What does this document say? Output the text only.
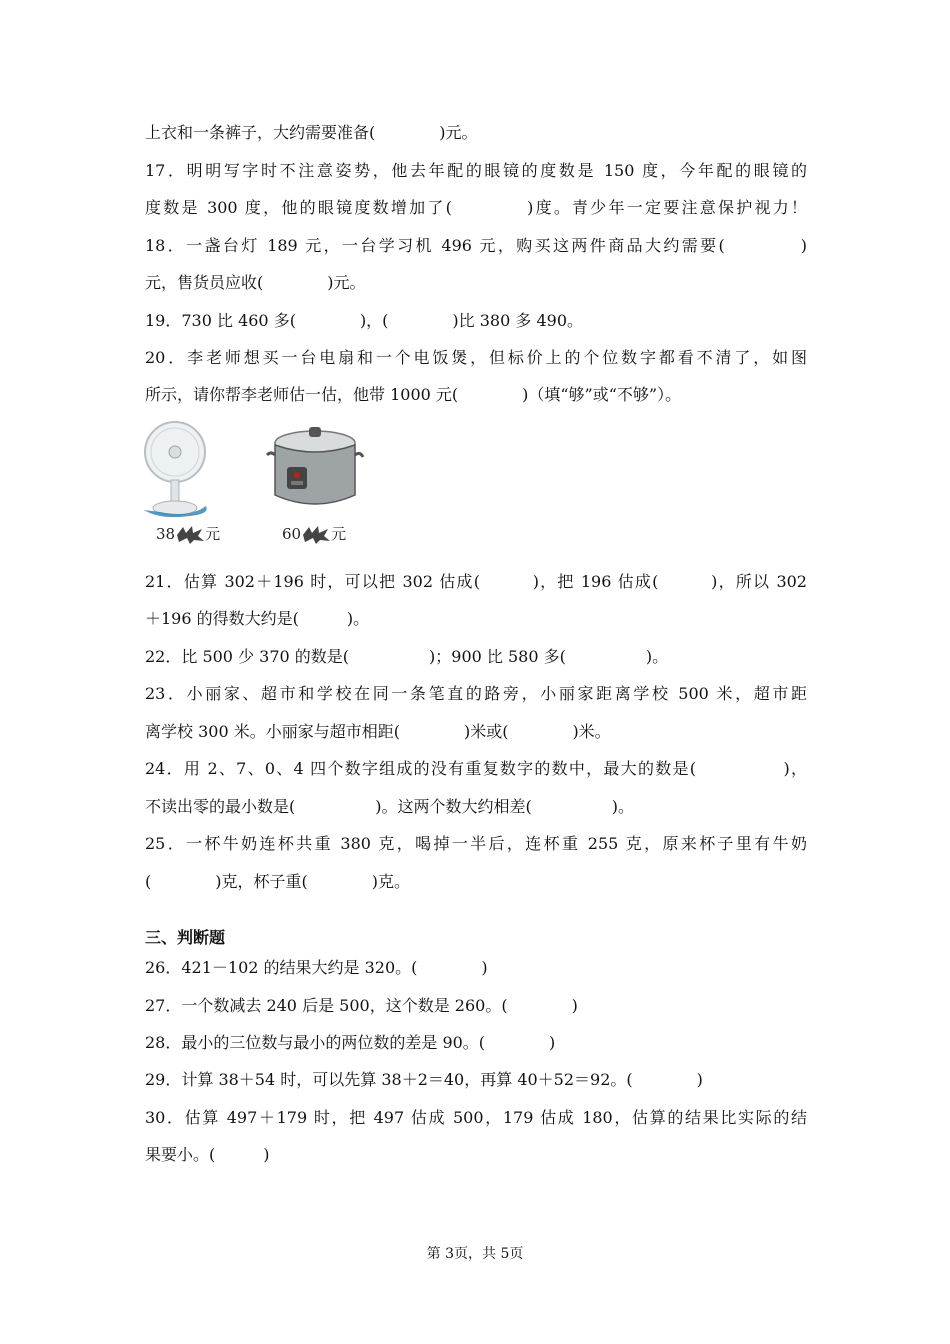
上衣和一条裤子，大约需要准备(　　　　)元。

17．明明写字时不注意姿势，他去年配的眼镜的度数是 150 度，今年配的眼镜的

度数是 300 度，他的眼镜度数增加了(　　　　)度。青少年一定要注意保护视力！

18．一盏台灯 189 元，一台学习机 496 元，购买这两件商品大约需要(　　　　)

元，售货员应收(　　　　)元。

19．730 比 460 多(　　　　)，(　　　　)比 380 多 490。

20．李老师想买一台电扇和一个电饭煲，但标价上的个位数字都看不清了，如图

所示，请你帮李老师估一估，他带 1000 元(　　　　)（填“够”或“不够”）。

38 元	60 元

21．估算 302＋196 时，可以把 302 估成(　　　)，把 196 估成(　　　)，所以 302

＋196 的得数大约是(　　　)。

22．比 500 少 370 的数是(　　　　　)；900 比 580 多(　　　　　)。

23．小丽家、超市和学校在同一条笔直的路旁，小丽家距离学校 500 米，超市距

离学校 300 米。小丽家与超市相距(　　　　)米或(　　　　)米。

24．用 2、7、0、4 四个数字组成的没有重复数字的数中，最大的数是(　　　　　)，

不读出零的最小数是(　　　　　)。这两个数大约相差(　　　　　)。

25．一杯牛奶连杯共重 380 克，喝掉一半后，连杯重 255 克，原来杯子里有牛奶

(　　　　)克，杯子重(　　　　)克。

三、判断题

26．421－102 的结果大约是 320。(　　　　)

27．一个数减去 240 后是 500，这个数是 260。(　　　　)

28．最小的三位数与最小的两位数的差是 90。(　　　　)

29．计算 38＋54 时，可以先算 38＋2＝40，再算 40＋52＝92。(　　　　)

30．估算 497＋179 时，把 497 估成 500，179 估成 180，估算的结果比实际的结

果要小。(　　　)

第 3页，共 5页
